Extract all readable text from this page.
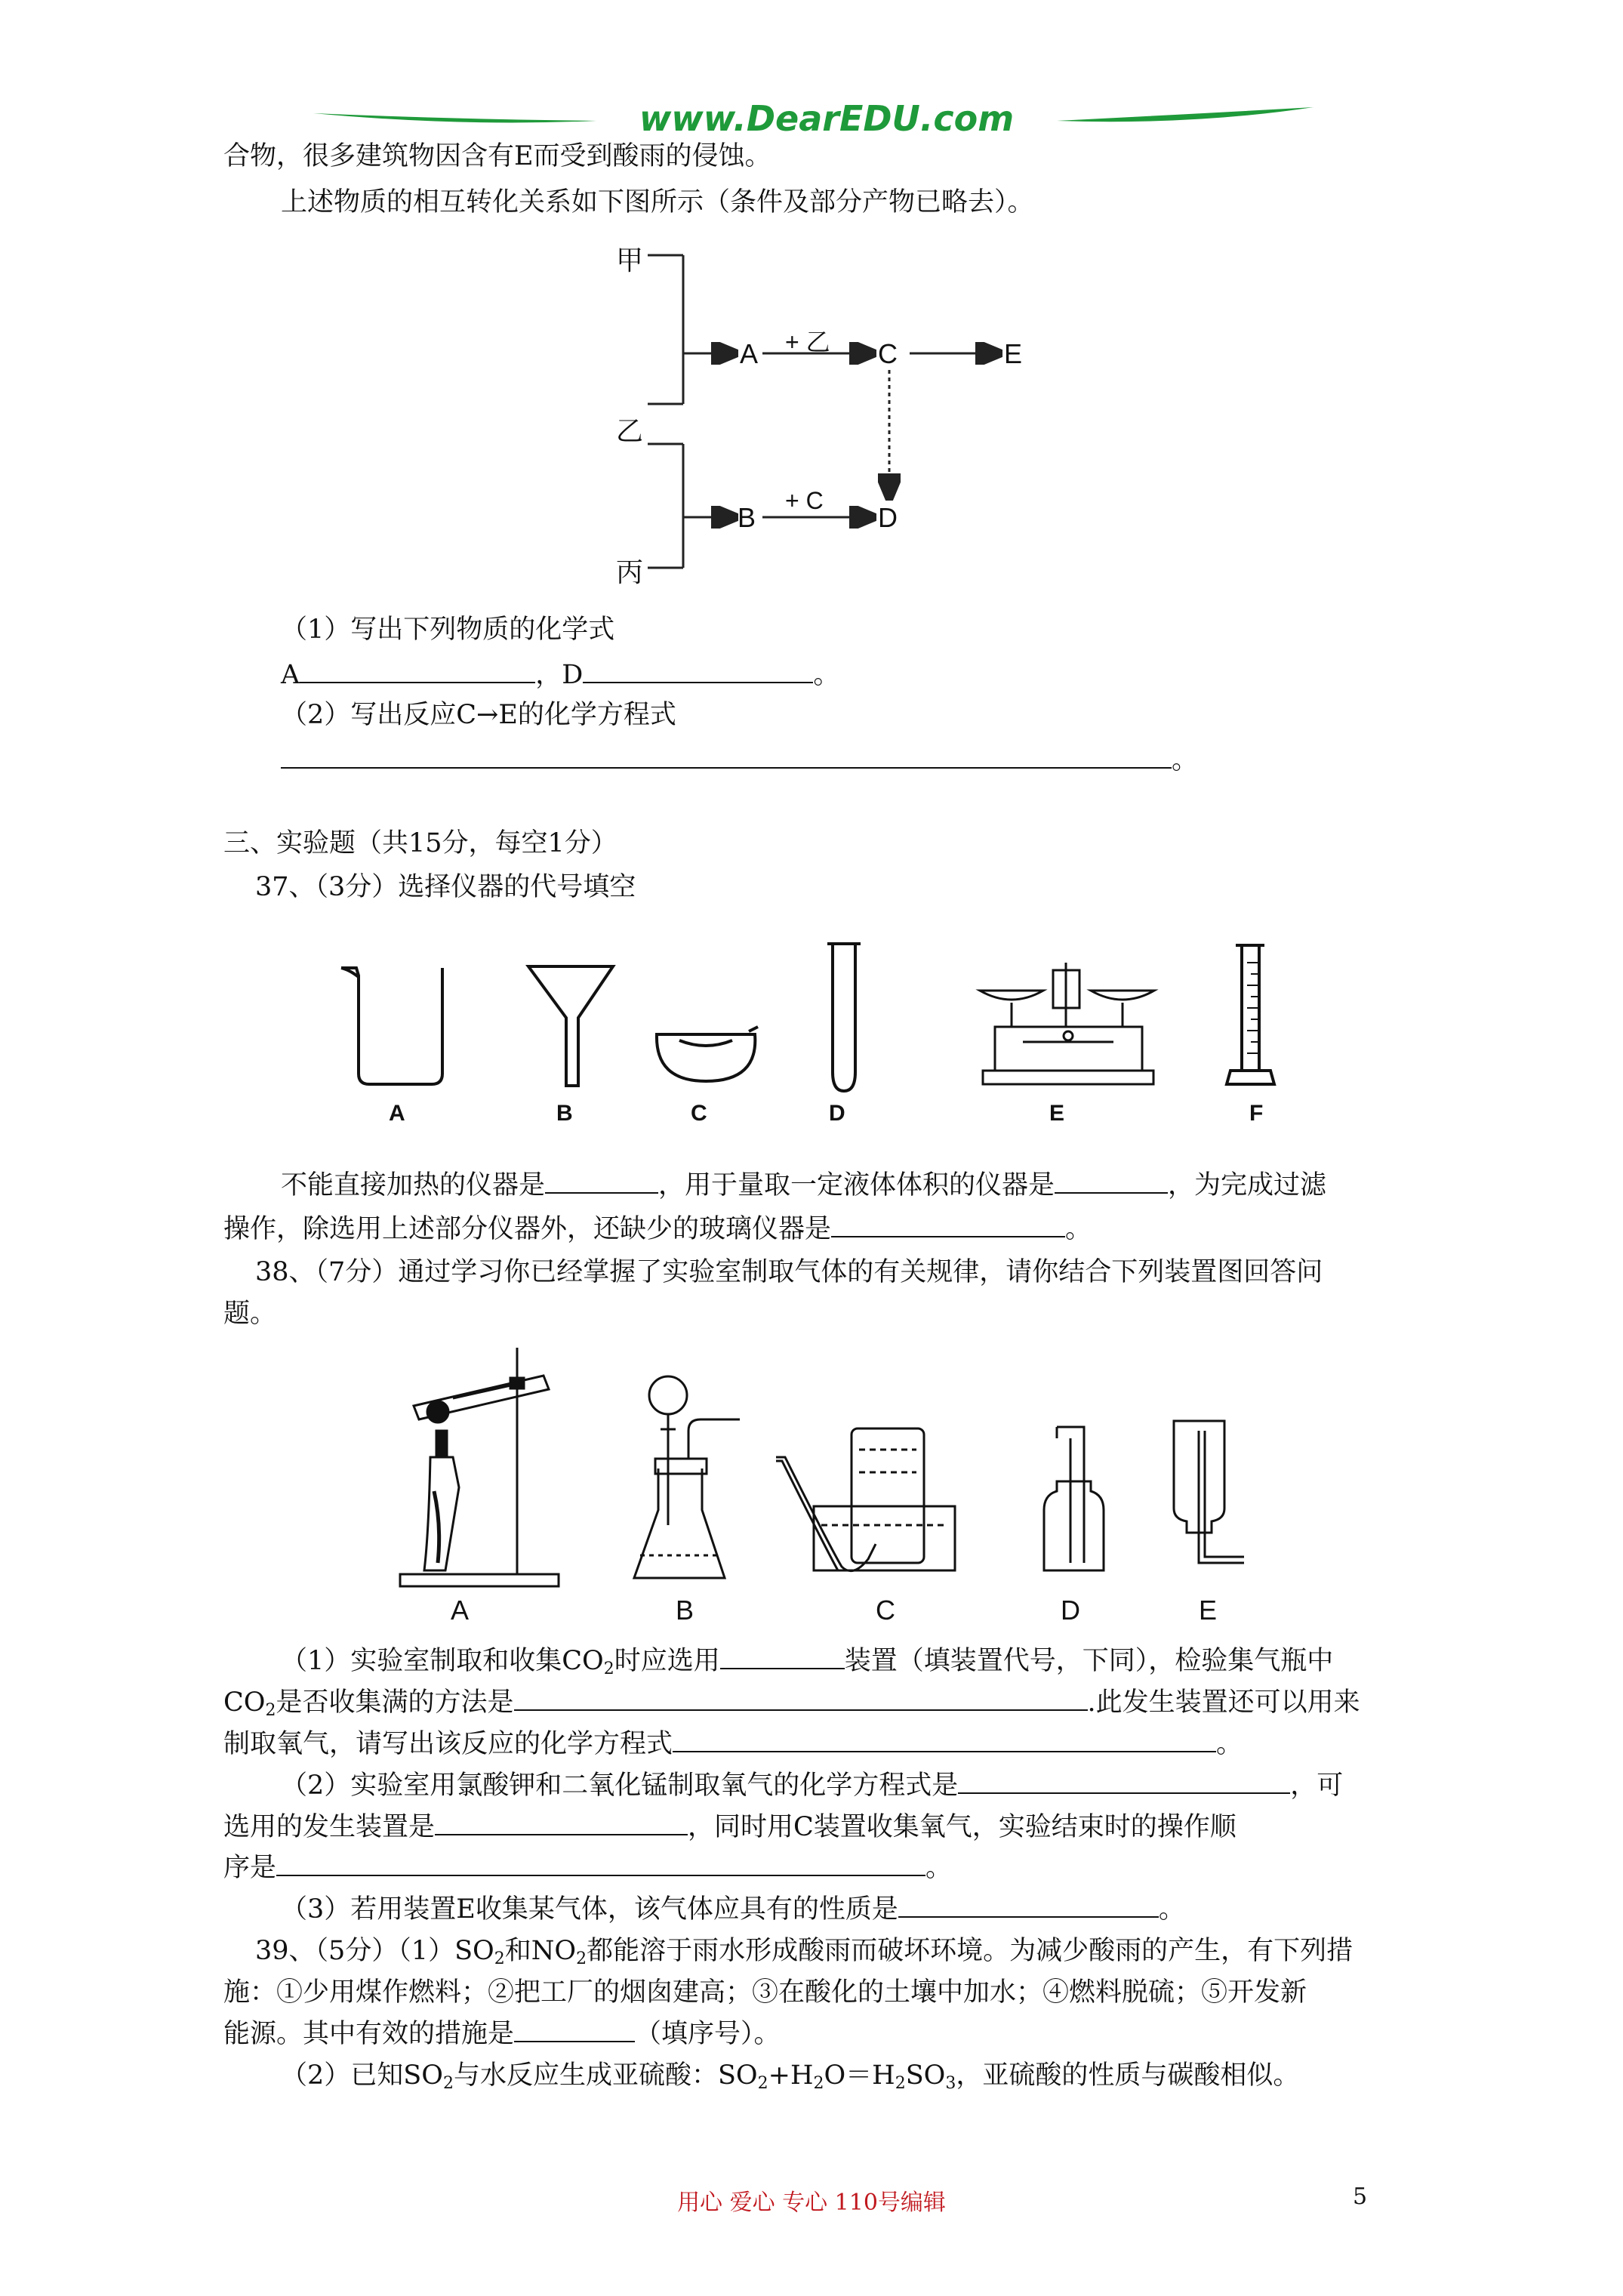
www.DearEDU.com
合物，很多建筑物因含有E而受到酸雨的侵蚀。
上述物质的相互转化关系如下图所示（条件及部分产物已略去）。
甲
乙
丙
A	C	E
B	D
+ 乙
+ C
（1）写出下列物质的化学式
A	，D	。
（2）写出反应C→E的化学方程式
。
三、实验题（共15分，每空1分）
37、（3分）选择仪器的代号填空
A	B	C	D	E	F
不能直接加热的仪器是	，用于量取一定液体体积的仪器是	，为完成过滤
操作，除选用上述部分仪器外，还缺少的玻璃仪器是	。
38、（7分）通过学习你已经掌握了实验室制取气体的有关规律，请你结合下列装置图回答问
题。
A	B	C	D	E
（1）实验室制取和收集$CO_2$时应选用	装置（填装置代号，下同），检验集气瓶中
$CO_2$是否收集满的方法是	.此发生装置还可以用来
制取氧气，请写出该反应的化学方程式	。
（2）实验室用氯酸钾和二氧化锰制取氧气的化学方程式是	，可
选用的发生装置是	，同时用C装置收集氧气，实验结束时的操作顺
序是	。
（3）若用装置E收集某气体，该气体应具有的性质是	。
39、（5分）$(1)SO_2$和$NO_2$都能溶于雨水形成酸雨而破坏环境。为减少酸雨的产生，有下列措
施：①少用煤作燃料；②把工厂的烟囱建高；③在酸化的土壤中加水；④燃料脱硫；⑤开发新
能源。其中有效的措施是	（填序号）。
（2）已知$SO_2$与水反应生成亚硫酸：$SO_2+H_2O=H_2SO_3$，亚硫酸的性质与碳酸相似。
用心 爱心 专心 110号编辑	5
